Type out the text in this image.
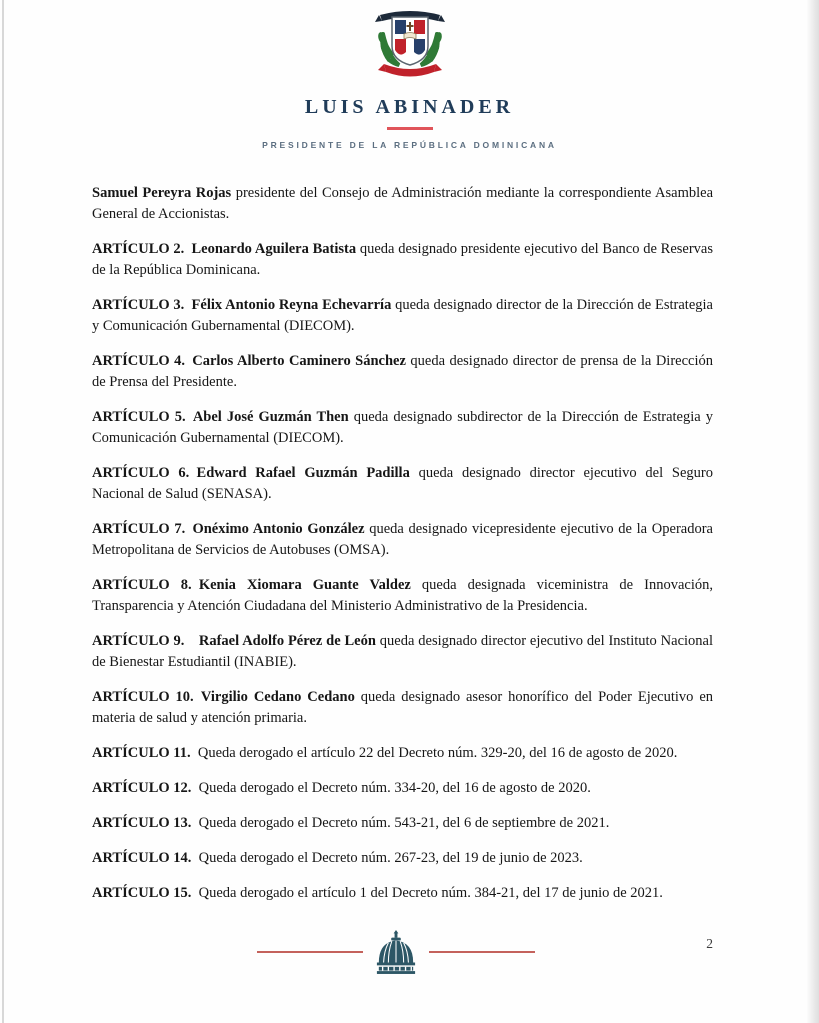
LUIS ABINADER
PRESIDENTE DE LA REPÚBLICA DOMINICANA

Samuel Pereyra Rojas presidente del Consejo de Administración mediante la correspondiente Asamblea General de Accionistas.

ARTÍCULO 2. Leonardo Aguilera Batista queda designado presidente ejecutivo del Banco de Reservas de la República Dominicana.

ARTÍCULO 3. Félix Antonio Reyna Echevarría queda designado director de la Dirección de Estrategia y Comunicación Gubernamental (DIECOM).

ARTÍCULO 4. Carlos Alberto Caminero Sánchez queda designado director de prensa de la Dirección de Prensa del Presidente.

ARTÍCULO 5. Abel José Guzmán Then queda designado subdirector de la Dirección de Estrategia y Comunicación Gubernamental (DIECOM).

ARTÍCULO 6. Edward Rafael Guzmán Padilla queda designado director ejecutivo del Seguro Nacional de Salud (SENASA).

ARTÍCULO 7. Onéximo Antonio González queda designado vicepresidente ejecutivo de la Operadora Metropolitana de Servicios de Autobuses (OMSA).

ARTÍCULO 8. Kenia Xiomara Guante Valdez queda designada viceministra de Innovación, Transparencia y Atención Ciudadana del Ministerio Administrativo de la Presidencia.

ARTÍCULO 9. Rafael Adolfo Pérez de León queda designado director ejecutivo del Instituto Nacional de Bienestar Estudiantil (INABIE).

ARTÍCULO 10. Virgilio Cedano Cedano queda designado asesor honorífico del Poder Ejecutivo en materia de salud y atención primaria.

ARTÍCULO 11. Queda derogado el artículo 22 del Decreto núm. 329-20, del 16 de agosto de 2020.

ARTÍCULO 12. Queda derogado el Decreto núm. 334-20, del 16 de agosto de 2020.

ARTÍCULO 13. Queda derogado el Decreto núm. 543-21, del 6 de septiembre de 2021.

ARTÍCULO 14. Queda derogado el Decreto núm. 267-23, del 19 de junio de 2023.

ARTÍCULO 15. Queda derogado el artículo 1 del Decreto núm. 384-21, del 17 de junio de 2021.

2
